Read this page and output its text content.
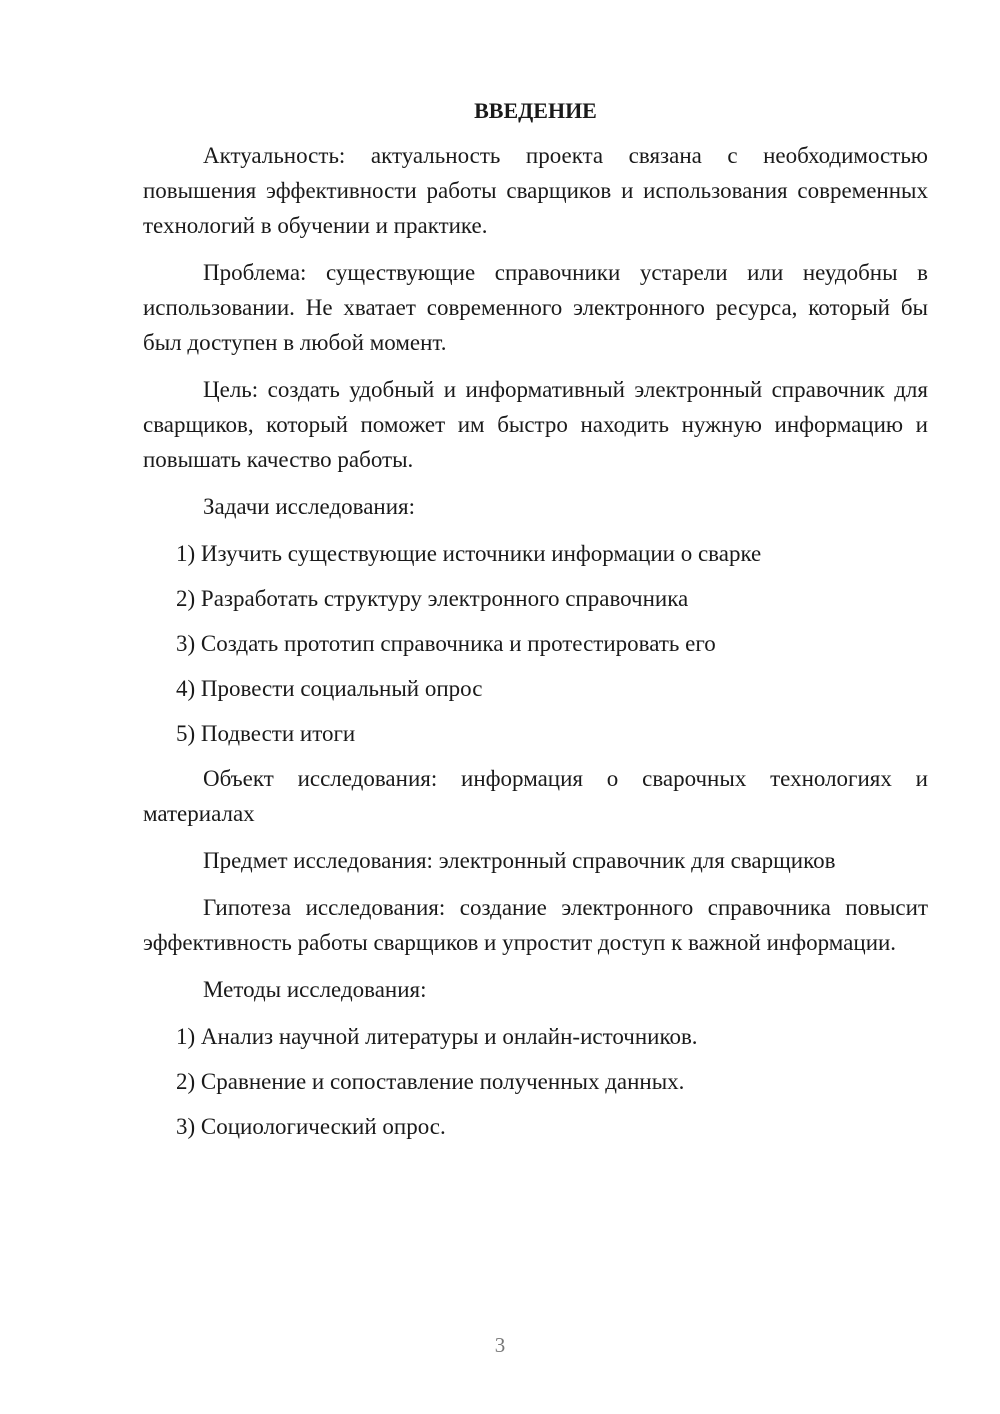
ВВЕДЕНИЕ

Актуальность: актуальность проекта связана с необходимостью повышения эффективности работы сварщиков и использования современных технологий в обучении и практике.

Проблема: существующие справочники устарели или неудобны в использовании. Не хватает современного электронного ресурса, который бы был доступен в любой момент.

Цель: создать удобный и информативный электронный справочник для сварщиков, который поможет им быстро находить нужную информацию и повышать качество работы.

Задачи исследования:

1) Изучить существующие источники информации о сварке
2) Разработать структуру электронного справочника
3) Создать прототип справочника и протестировать его
4) Провести социальный опрос
5) Подвести итоги

Объект исследования: информация о сварочных технологиях и материалах

Предмет исследования: электронный справочник для сварщиков

Гипотеза исследования: создание электронного справочника повысит эффективность работы сварщиков и упростит доступ к важной информации.

Методы исследования:

1) Анализ научной литературы и онлайн-источников.
2) Сравнение и сопоставление полученных данных.
3) Социологический опрос.
3
